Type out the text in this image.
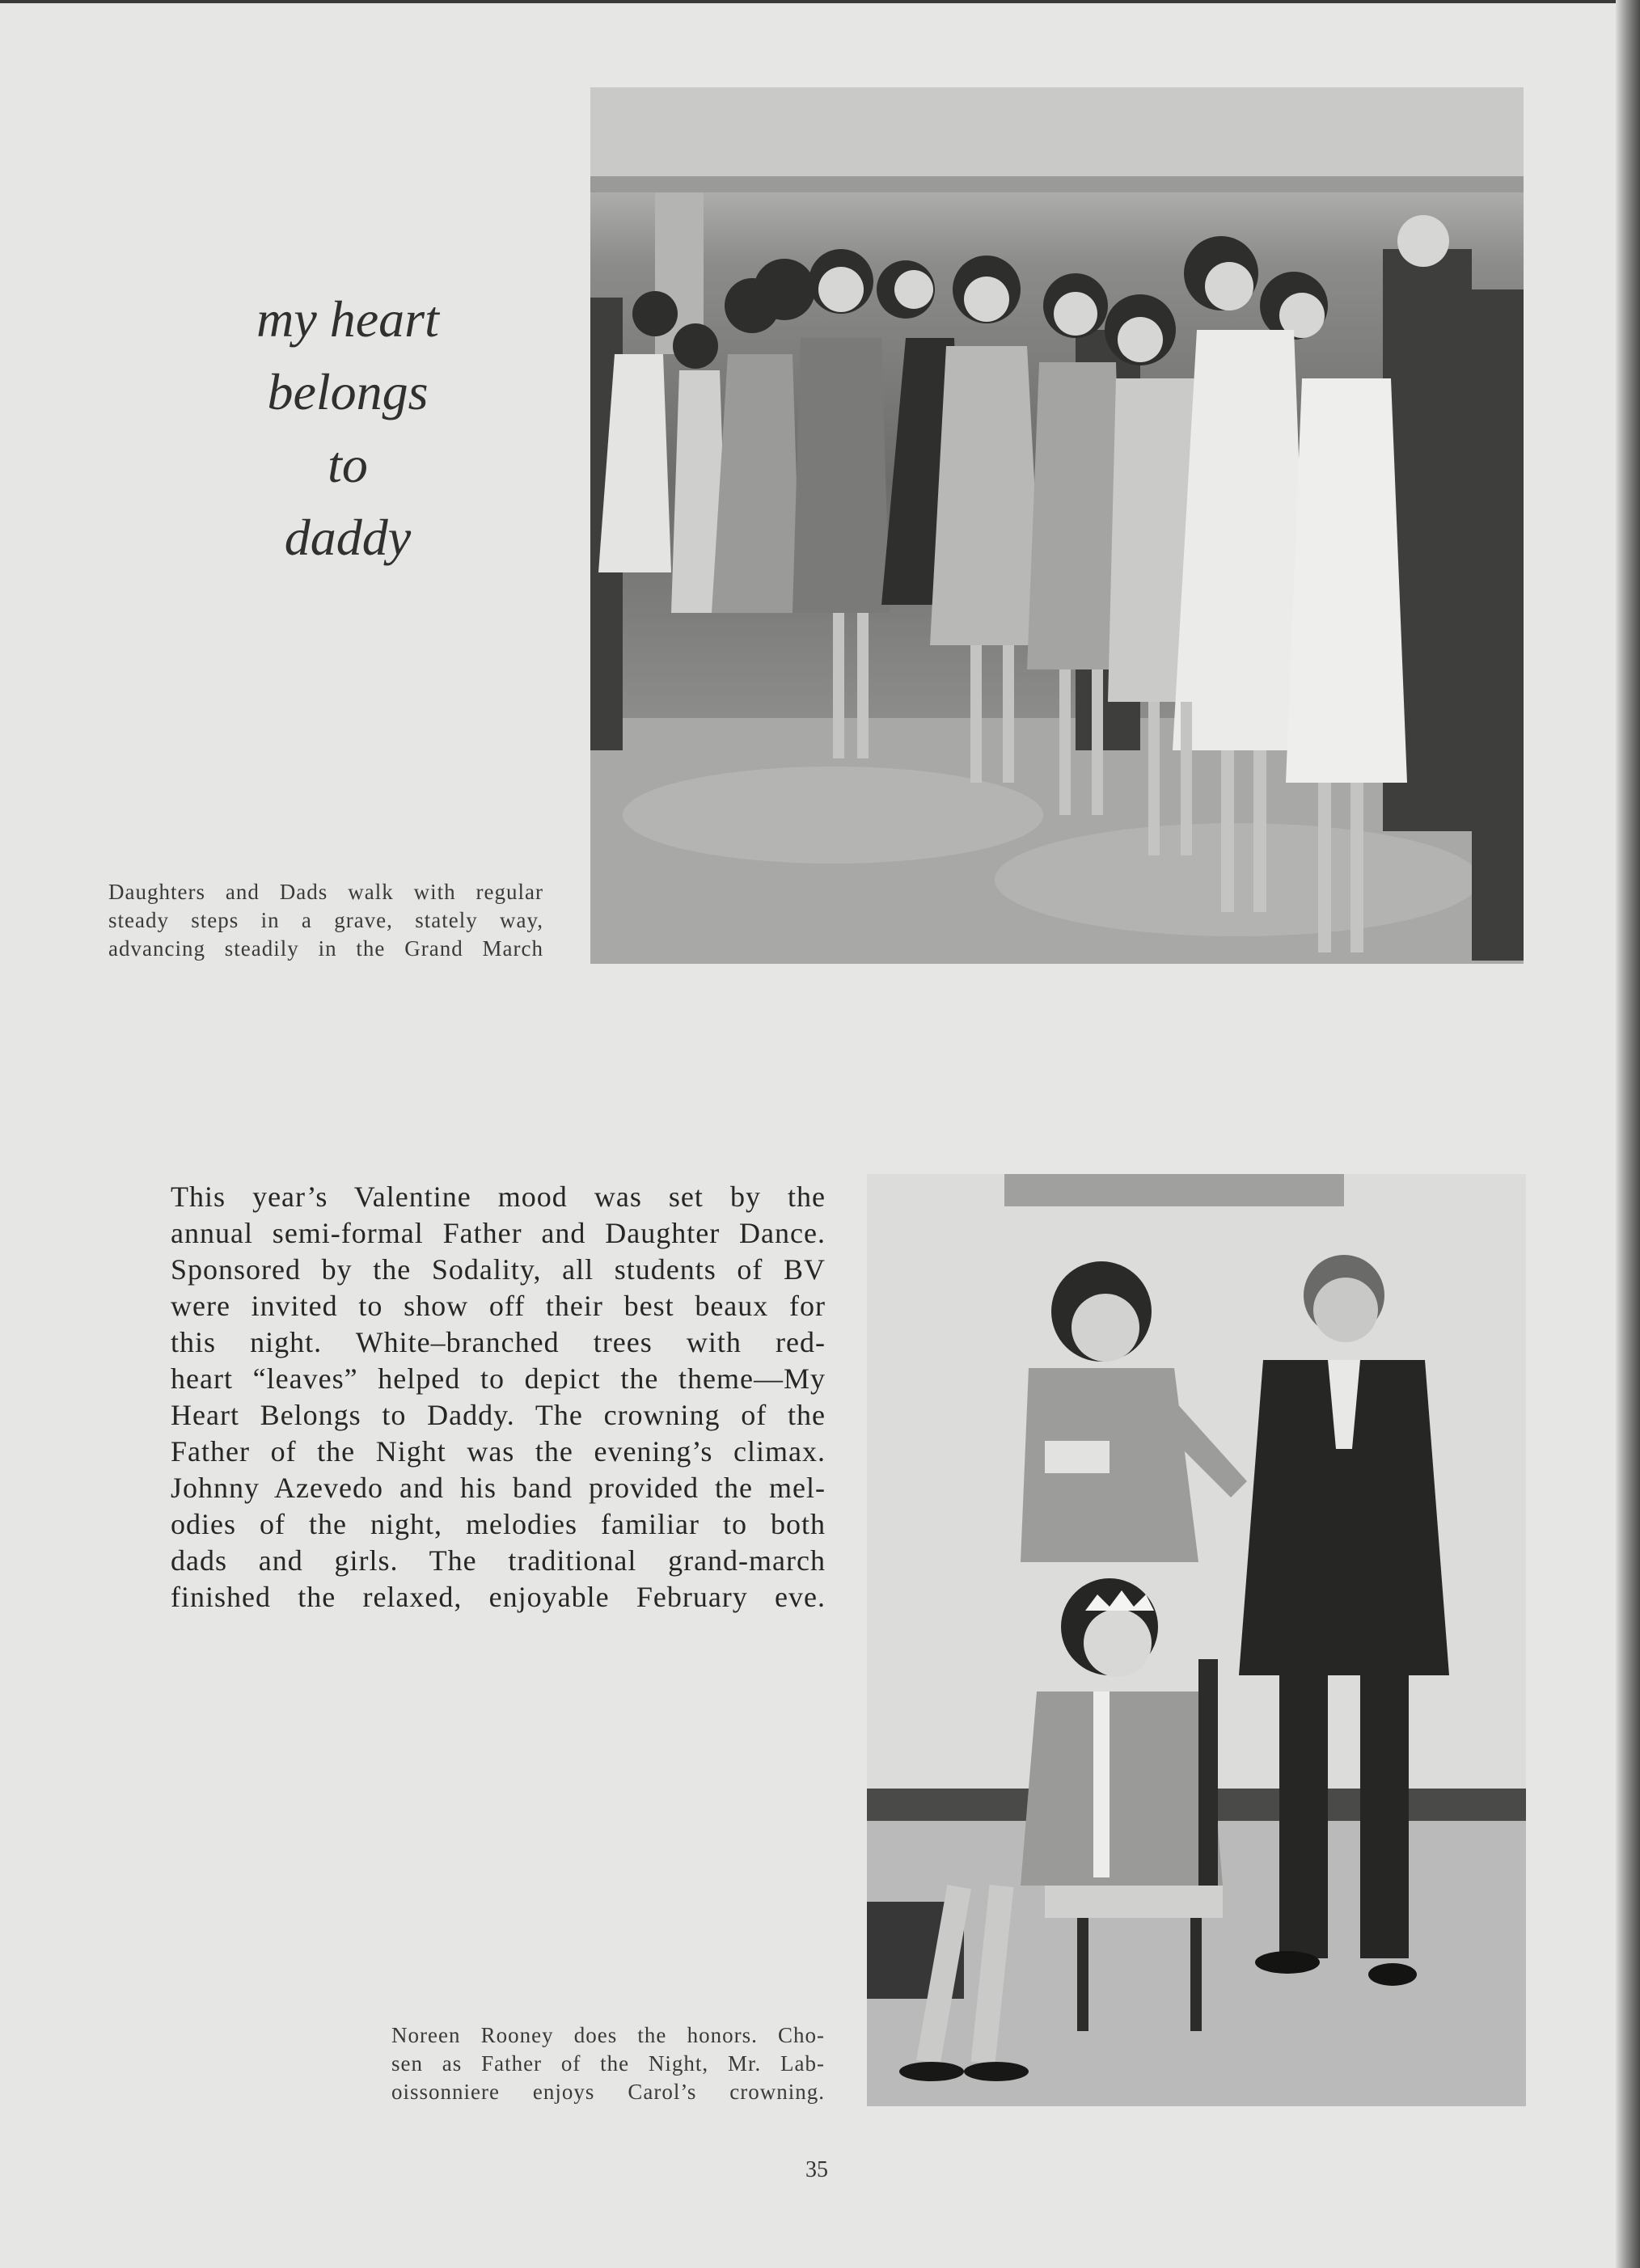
my heart
belongs
to
daddy
Daughters and Dads walk with regular
steady steps in a grave, stately way,
advancing steadily in the Grand March
This year’s Valentine mood was set by the
annual semi-formal Father and Daughter Dance.
Sponsored by the Sodality, all students of BV
were invited to show off their best beaux for
this night. White–branched trees with red-
heart “leaves” helped to depict the theme—My
Heart Belongs to Daddy. The crowning of the
Father of the Night was the evening’s climax.
Johnny Azevedo and his band provided the mel-
odies of the night, melodies familiar to both
dads and girls. The traditional grand-march
finished the relaxed, enjoyable February eve.
Noreen Rooney does the honors. Cho-
sen as Father of the Night, Mr. Lab-
oissonniere enjoys Carol’s crowning.
35
